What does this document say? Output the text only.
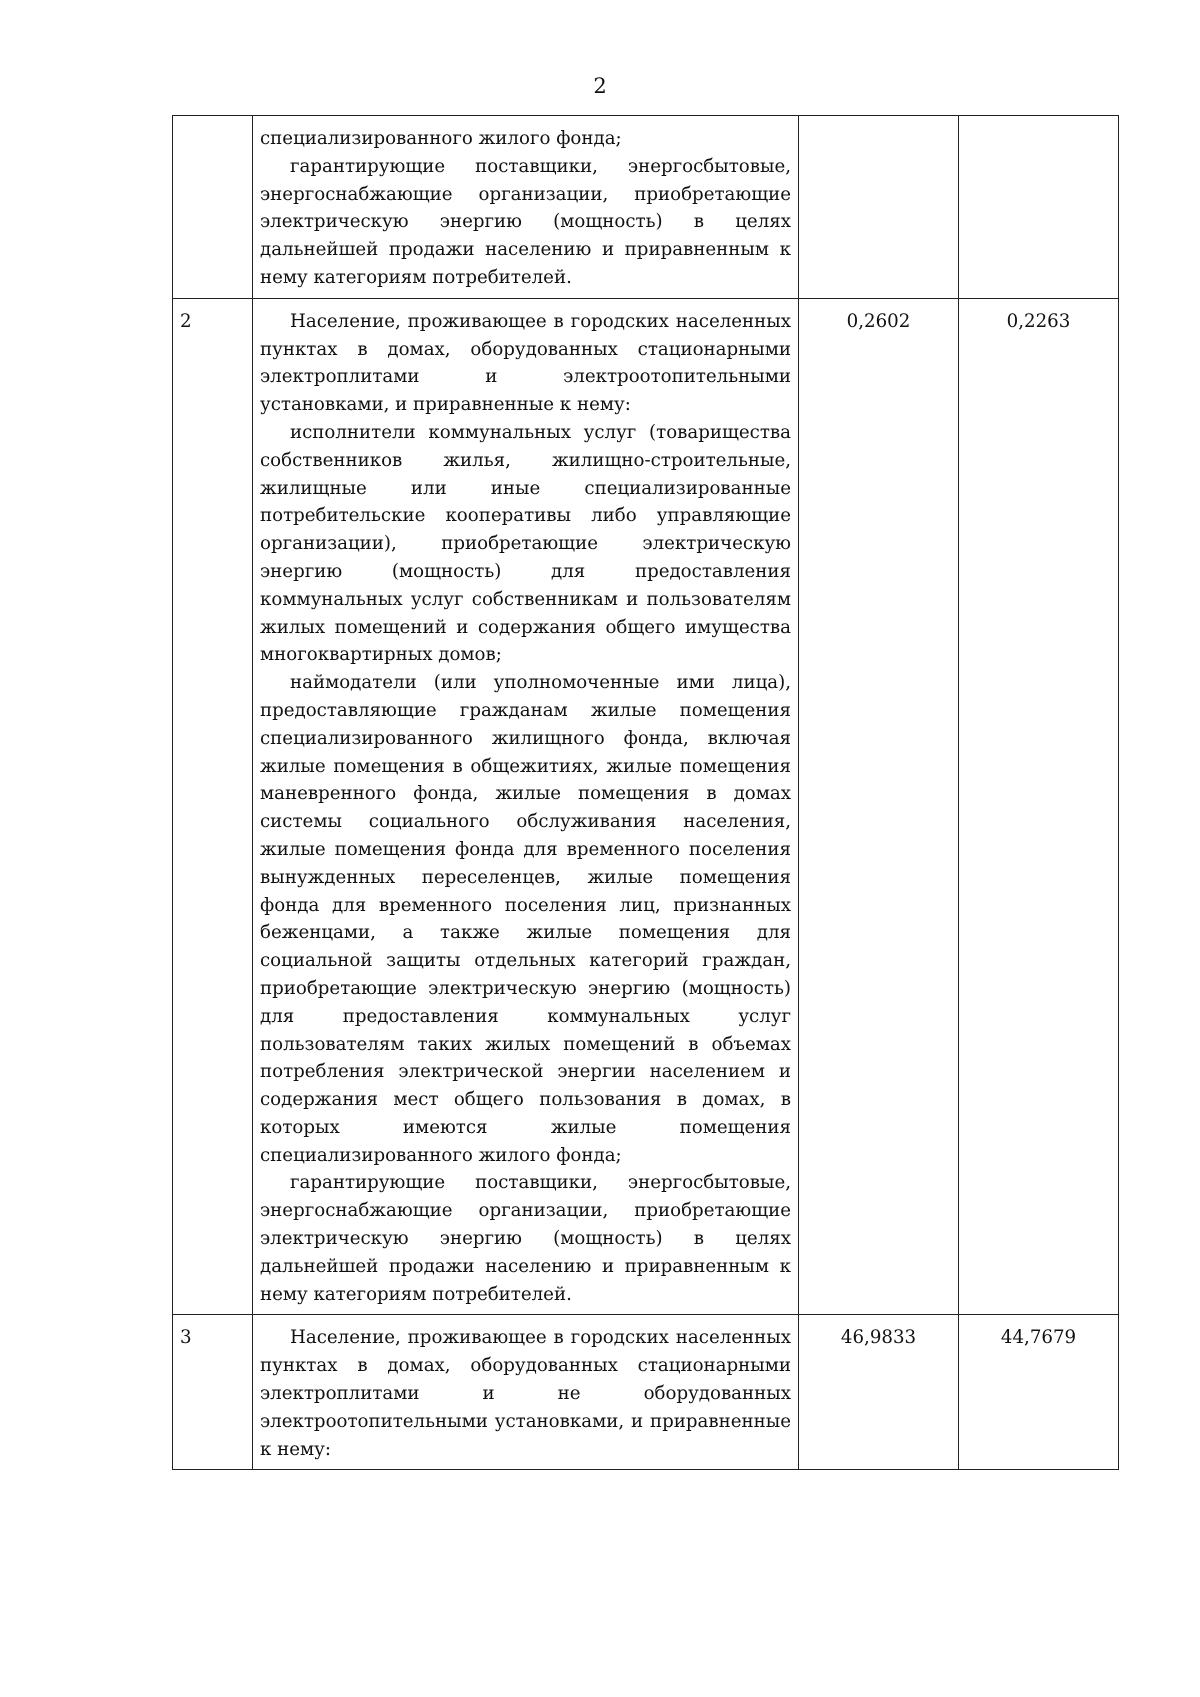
2

	специализированного жилого фонда;
гарантирующие поставщики, энергосбытовые, энергоснабжающие организации, приобретающие электрическую энергию (мощность) в целях дальнейшей продажи населению и приравненным к нему категориям потребителей.		

2	Население, проживающее в городских населенных пунктах в домах, оборудованных стационарными электроплитами и электроотопительными установками, и приравненные к нему:
исполнители коммунальных услуг (товарищества собственников жилья, жилищно-строительные, жилищные или иные специализированные потребительские кооперативы либо управляющие организации), приобретающие электрическую энергию (мощность) для предоставления коммунальных услуг собственникам и пользователям жилых помещений и содержания общего имущества многоквартирных домов;
наймодатели (или уполномоченные ими лица), предоставляющие гражданам жилые помещения специализированного жилищного фонда, включая жилые помещения в общежитиях, жилые помещения маневренного фонда, жилые помещения в домах системы социального обслуживания населения, жилые помещения фонда для временного поселения вынужденных переселенцев, жилые помещения фонда для временного поселения лиц, признанных беженцами, а также жилые помещения для социальной защиты отдельных категорий граждан, приобретающие электрическую энергию (мощность) для предоставления коммунальных услуг пользователям таких жилых помещений в объемах потребления электрической энергии населением и содержания мест общего пользования в домах, в которых имеются жилые помещения специализированного жилого фонда;
гарантирующие поставщики, энергосбытовые, энергоснабжающие организации, приобретающие электрическую энергию (мощность) в целях дальнейшей продажи населению и приравненным к нему категориям потребителей.	0,2602	0,2263
3	Население, проживающее в городских населенных пунктах в домах, оборудованных стационарными электроплитами и не оборудованных электроотопительными установками, и приравненные к нему:	46,9833	44,7679
